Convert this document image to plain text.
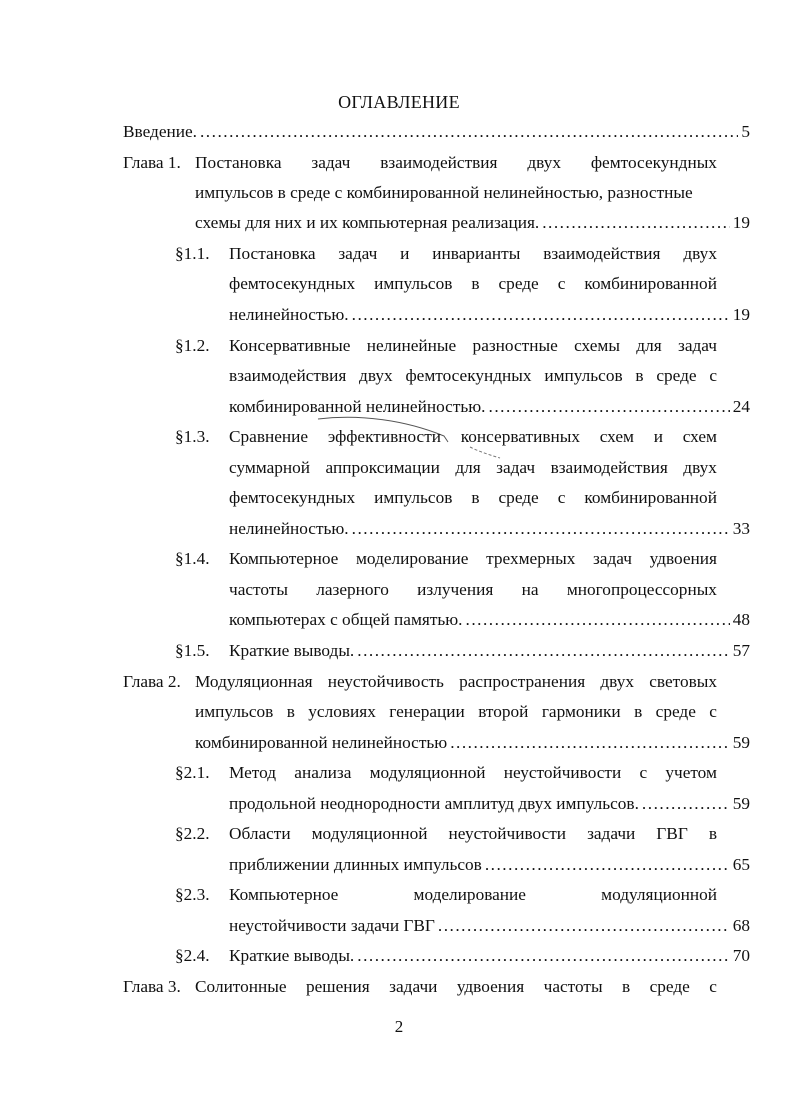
ОГЛАВЛЕНИЕ
Введение. .....	5
Глава 1. Постановка задач взаимодействия двух фемтосекундных
импульсов в среде с комбинированной нелинейностью, разностные
схемы для них и их компьютерная реализация. .....	19
§1.1. Постановка задач и инварианты взаимодействия двух
фемтосекундных импульсов в среде с комбинированной
нелинейностью. .....	19
§1.2. Консервативные нелинейные разностные схемы для задач
взаимодействия двух фемтосекундных импульсов в среде с
комбинированной нелинейностью. .....	24
§1.3. Сравнение эффективности консервативных схем и схем
суммарной аппроксимации для задач взаимодействия двух
фемтосекундных импульсов в среде с комбинированной
нелинейностью. .....	33
§1.4. Компьютерное моделирование трехмерных задач удвоения
частоты лазерного излучения на многопроцессорных
компьютерах с общей памятью. .....	48
§1.5. Краткие выводы. .....	57
Глава 2. Модуляционная неустойчивость распространения двух световых
импульсов в условиях генерации второй гармоники в среде с
комбинированной нелинейностью .....	59
§2.1. Метод анализа модуляционной неустойчивости с учетом
продольной неоднородности амплитуд двух импульсов. .....	59
§2.2. Области модуляционной неустойчивости задачи ГВГ в
приближении длинных импульсов .....	65
§2.3. Компьютерное	моделирование	модуляционной
неустойчивости задачи ГВГ .....	68
§2.4. Краткие выводы. .....	70
Глава 3. Солитонные решения задачи удвоения частоты в среде с
2
